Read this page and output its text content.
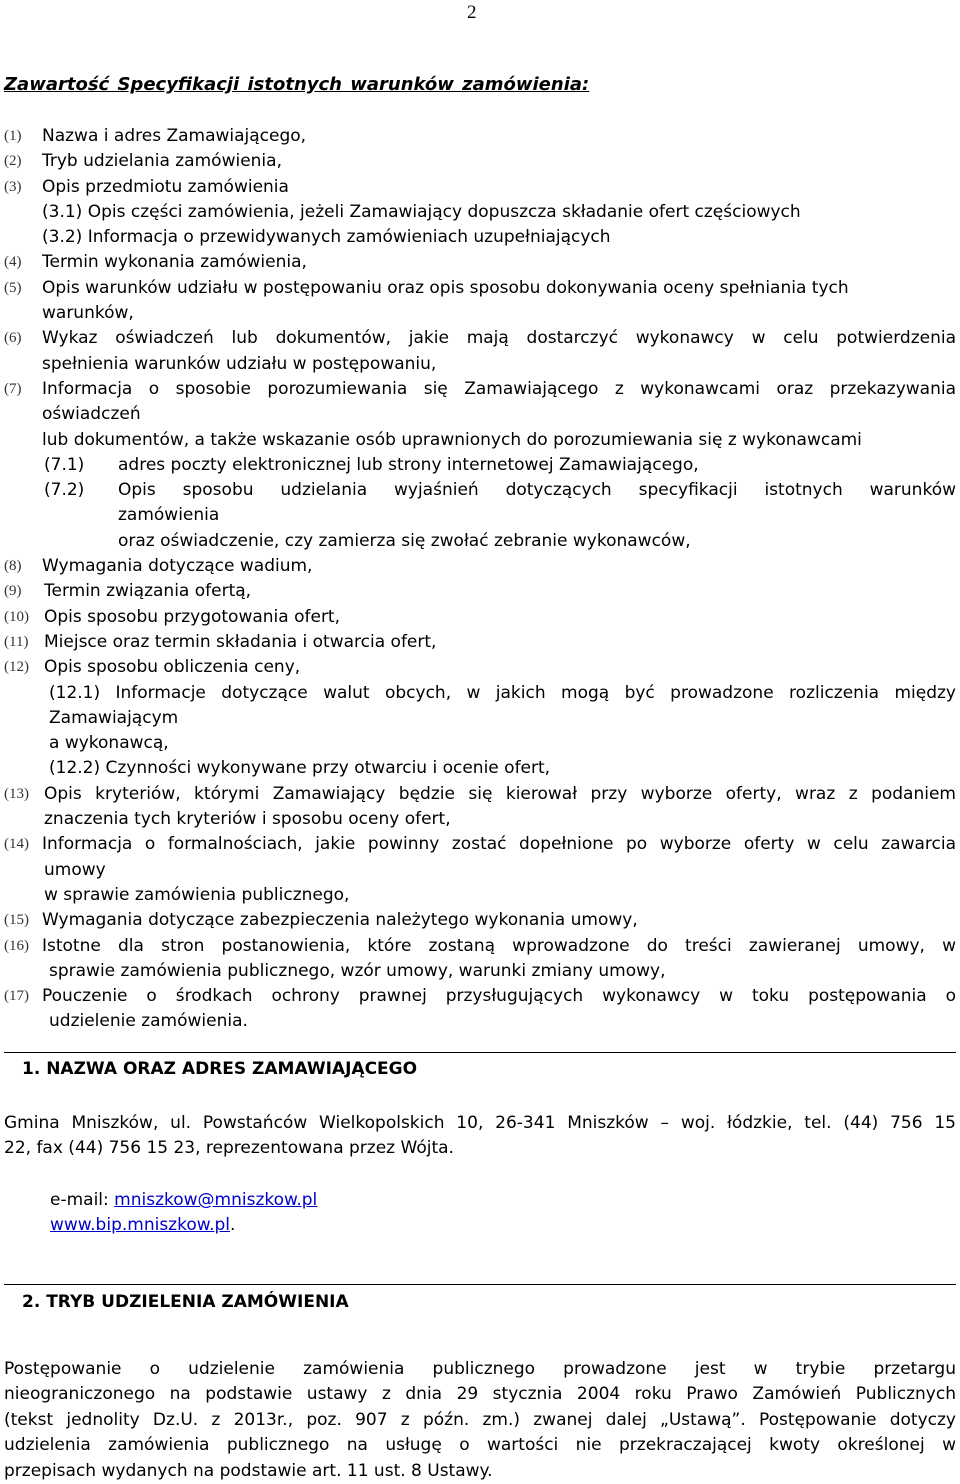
2
Zawartość Specyfikacji istotnych warunków zamówienia:
(1) Nazwa i adres Zamawiającego,
(2) Tryb udzielania zamówienia,
(3) Opis przedmiotu zamówienia
(3.1) Opis części zamówienia, jeżeli Zamawiający dopuszcza składanie ofert częściowych
(3.2) Informacja o przewidywanych zamówieniach uzupełniających
(4) Termin wykonania zamówienia,
(5) Opis warunków udziału w postępowaniu oraz opis sposobu dokonywania oceny spełniania tych
warunków,
(6) Wykaz oświadczeń lub dokumentów, jakie mają dostarczyć wykonawcy w celu potwierdzenia
spełnienia warunków udziału w postępowaniu,
(7) Informacja o sposobie porozumiewania się Zamawiającego z wykonawcami oraz przekazywania
oświadczeń
lub dokumentów, a także wskazanie osób uprawnionych do porozumiewania się z wykonawcami
(7.1) adres poczty elektronicznej lub strony internetowej Zamawiającego,
(7.2) Opis sposobu udzielania wyjaśnień dotyczących specyfikacji istotnych warunków
zamówienia
oraz oświadczenie, czy zamierza się zwołać zebranie wykonawców,
(8) Wymagania dotyczące wadium,
(9) Termin związania ofertą,
(10) Opis sposobu przygotowania ofert,
(11) Miejsce oraz termin składania i otwarcia ofert,
(12) Opis sposobu obliczenia ceny,
(12.1) Informacje dotyczące walut obcych, w jakich mogą być prowadzone rozliczenia między
Zamawiającym
a wykonawcą,
(12.2) Czynności wykonywane przy otwarciu i ocenie ofert,
(13) Opis kryteriów, którymi Zamawiający będzie się kierował przy wyborze oferty, wraz z podaniem
znaczenia tych kryteriów i sposobu oceny ofert,
(14) Informacja o formalnościach, jakie powinny zostać dopełnione po wyborze oferty w celu zawarcia
umowy
w sprawie zamówienia publicznego,
(15) Wymagania dotyczące zabezpieczenia należytego wykonania umowy,
(16) Istotne dla stron postanowienia, które zostaną wprowadzone do treści zawieranej umowy, w
sprawie zamówienia publicznego, wzór umowy, warunki zmiany umowy,
(17) Pouczenie o środkach ochrony prawnej przysługujących wykonawcy w toku postępowania o
udzielenie zamówienia.
1. NAZWA ORAZ ADRES ZAMAWIAJĄCEGO
Gmina Mniszków, ul. Powstańców Wielkopolskich 10, 26-341 Mniszków – woj. łódzkie, tel. (44) 756 15
22, fax (44) 756 15 23, reprezentowana przez Wójta.
e-mail: mniszkow@mniszkow.pl
www.bip.mniszkow.pl.
2. TRYB UDZIELENIA ZAMÓWIENIA
Postępowanie o udzielenie zamówienia publicznego prowadzone jest w trybie przetargu
nieograniczonego na podstawie ustawy z dnia 29 stycznia 2004 roku Prawo Zamówień Publicznych
(tekst jednolity Dz.U. z 2013r., poz. 907 z późn. zm.) zwanej dalej „Ustawą”. Postępowanie dotyczy
udzielenia zamówienia publicznego na usługę o wartości nie przekraczającej kwoty określonej w
przepisach wydanych na podstawie art. 11 ust. 8 Ustawy.
